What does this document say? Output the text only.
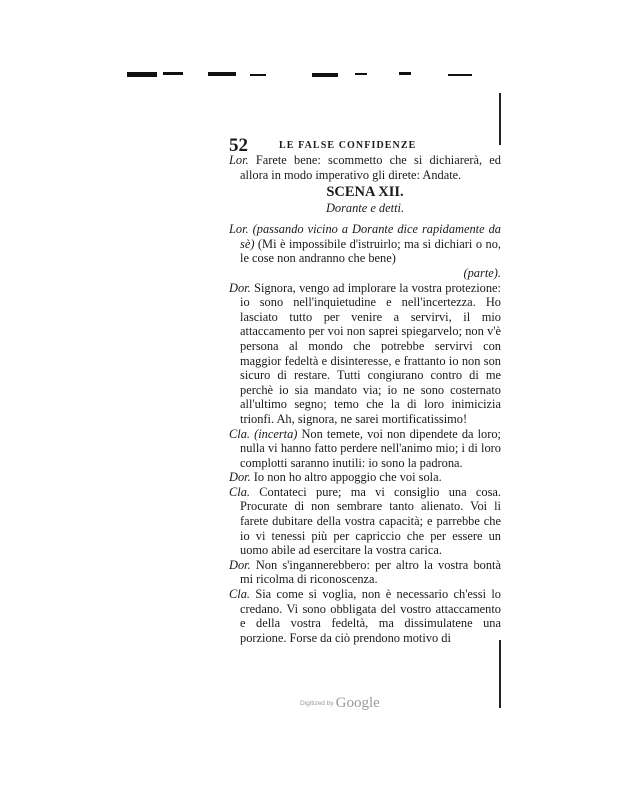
52	LE FALSE CONFIDENZE

Lor. Farete bene: scommetto che si dichiarerà, ed allora in modo imperativo gli direte: Andate.

SCENA XII.

Dorante e detti.

Lor. (passando vicino a Dorante dice rapidamente da sè) (Mi è impossibile d'istruirlo; ma si dichiari o no, le cose non andranno che bene)

(parte).

Dor. Signora, vengo ad implorare la vostra protezione: io sono nell'inquietudine e nell'incertezza. Ho lasciato tutto per venire a servirvi, il mio attaccamento per voi non saprei spiegarvelo; non v'è persona al mondo che potrebbe servirvi con maggior fedeltà e disinteresse, e frattanto io non son sicuro di restare. Tutti congiurano contro di me perchè io sia mandato via; io ne sono costernato all'ultimo segno; temo che la di loro inimicizia trionfi. Ah, signora, ne sarei mortificatissimo!

Cla. (incerta) Non temete, voi non dipendete da loro; nulla vi hanno fatto perdere nell'animo mio; i di loro complotti saranno inutili: io sono la padrona.

Dor. Io non ho altro appoggio che voi sola.

Cla. Contateci pure; ma vi consiglio una cosa. Procurate di non sembrare tanto alienato. Voi li farete dubitare della vostra capacità; e parrebbe che io vi tenessi più per capriccio che per essere un uomo abile ad esercitare la vostra carica.

Dor. Non s'ingannerebbero: per altro la vostra bontà mi ricolma di riconoscenza.

Cla. Sia come si voglia, non è necessario ch'essi lo credano. Vi sono obbligata del vostro attaccamento e della vostra fedeltà, ma dissimulatene una porzione. Forse da ciò prendono motivo di

Digitized by Google
